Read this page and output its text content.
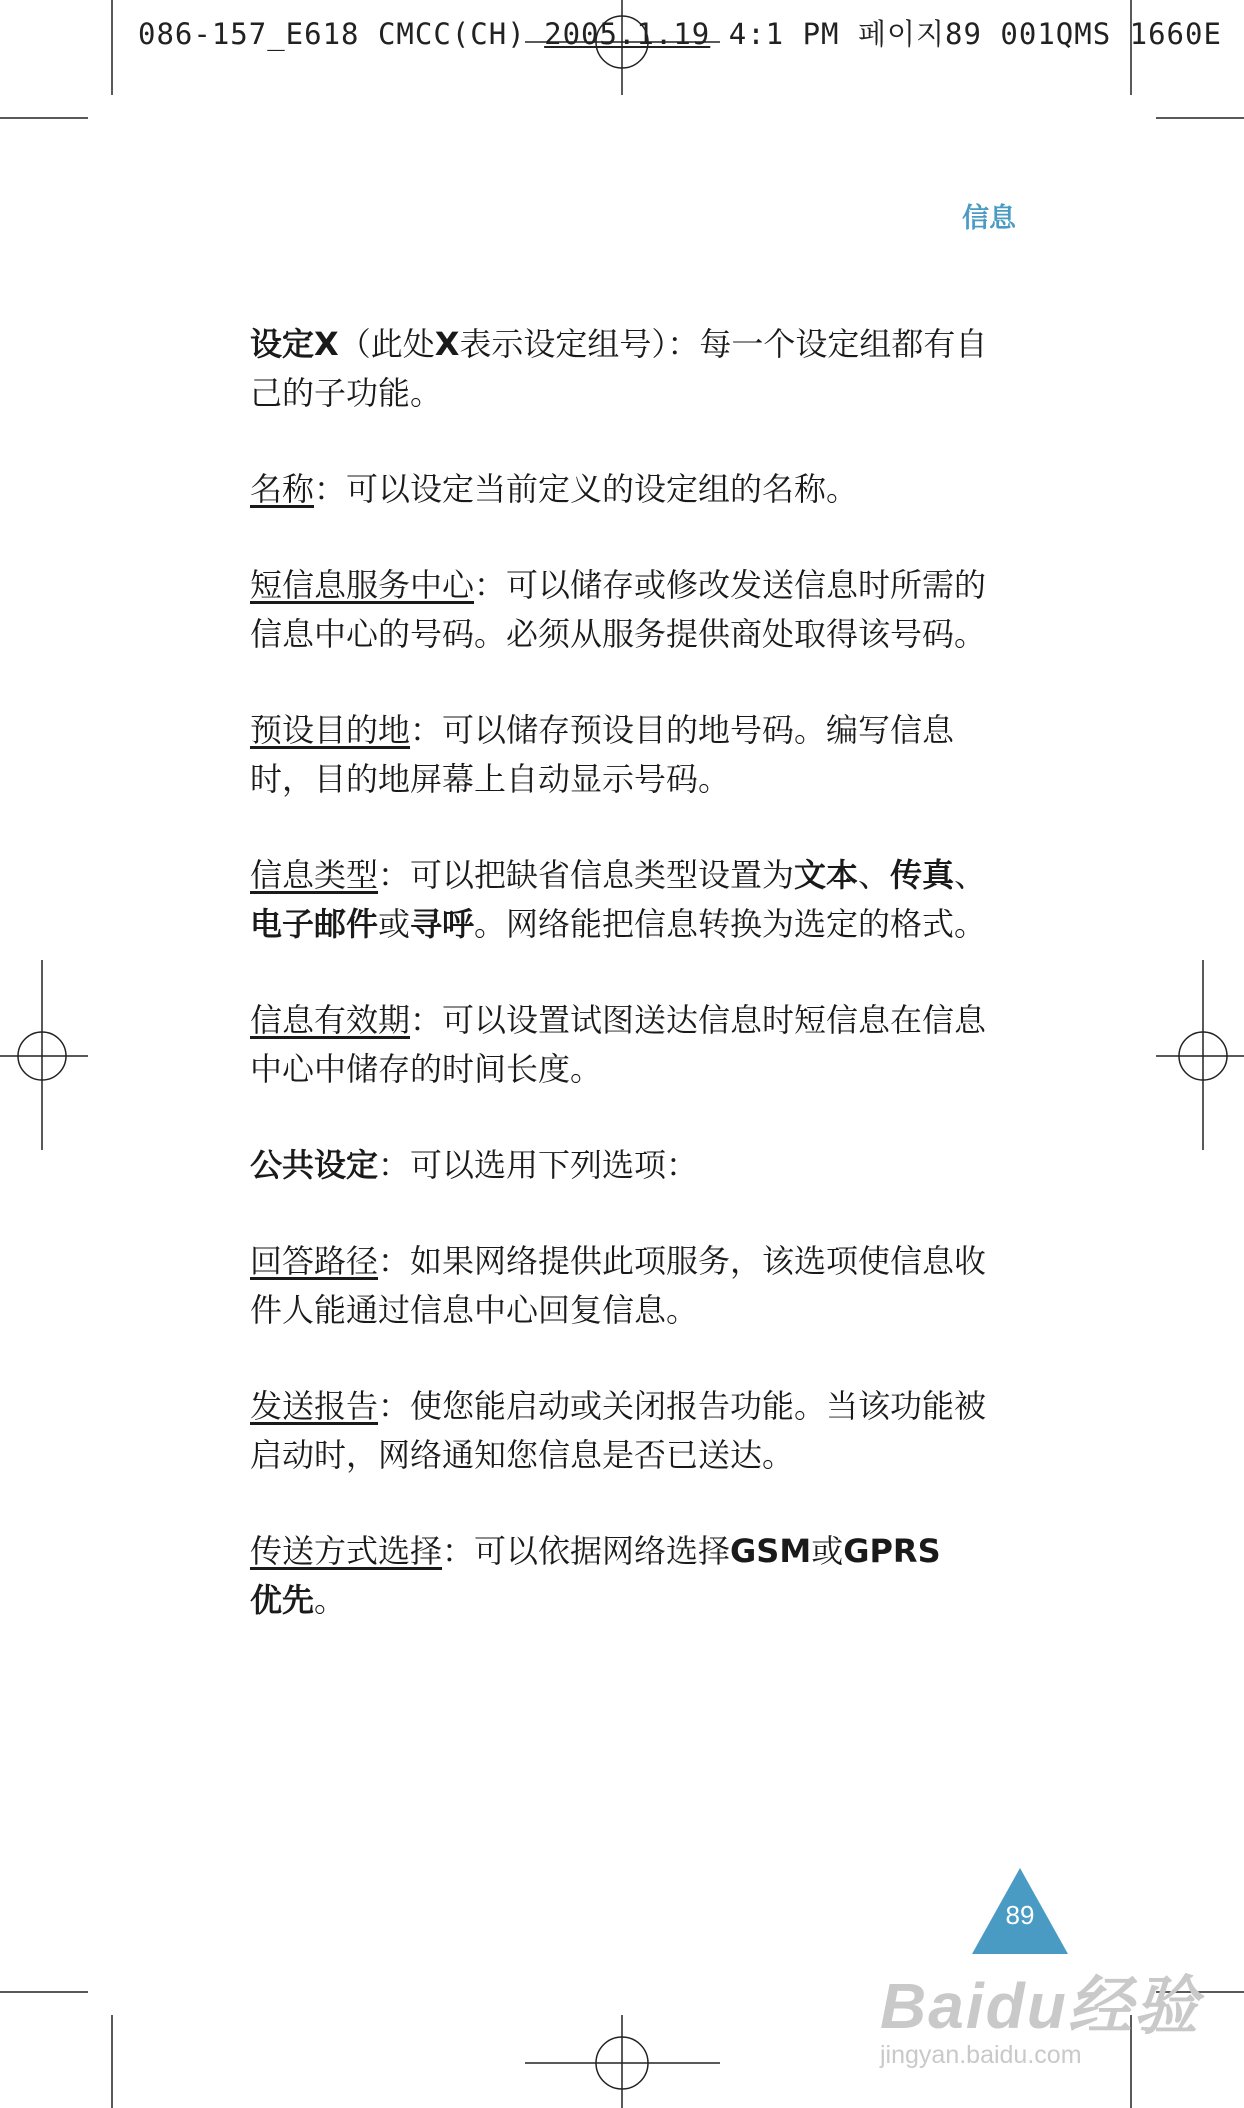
086-157_E618 CMCC(CH) 2005.1.19 4:1 PM 페이지89 001QMS 1660E
信息

设定X（此处X表示设定组号）：每一个设定组都有自己的子功能。

名称：可以设定当前定义的设定组的名称。

短信息服务中心：可以储存或修改发送信息时所需的信息中心的号码。必须从服务提供商处取得该号码。

预设目的地：可以储存预设目的地号码。编写信息时，目的地屏幕上自动显示号码。

信息类型：可以把缺省信息类型设置为文本、传真、电子邮件或寻呼。网络能把信息转换为选定的格式。

信息有效期：可以设置试图送达信息时短信息在信息中心中储存的时间长度。

公共设定：可以选用下列选项：

回答路径：如果网络提供此项服务，该选项使信息收件人能通过信息中心回复信息。

发送报告：使您能启动或关闭报告功能。当该功能被启动时，网络通知您信息是否已送达。

传送方式选择：可以依据网络选择GSM或GPRS
优先。

89
Baidu经验
jingyan.baidu.com
